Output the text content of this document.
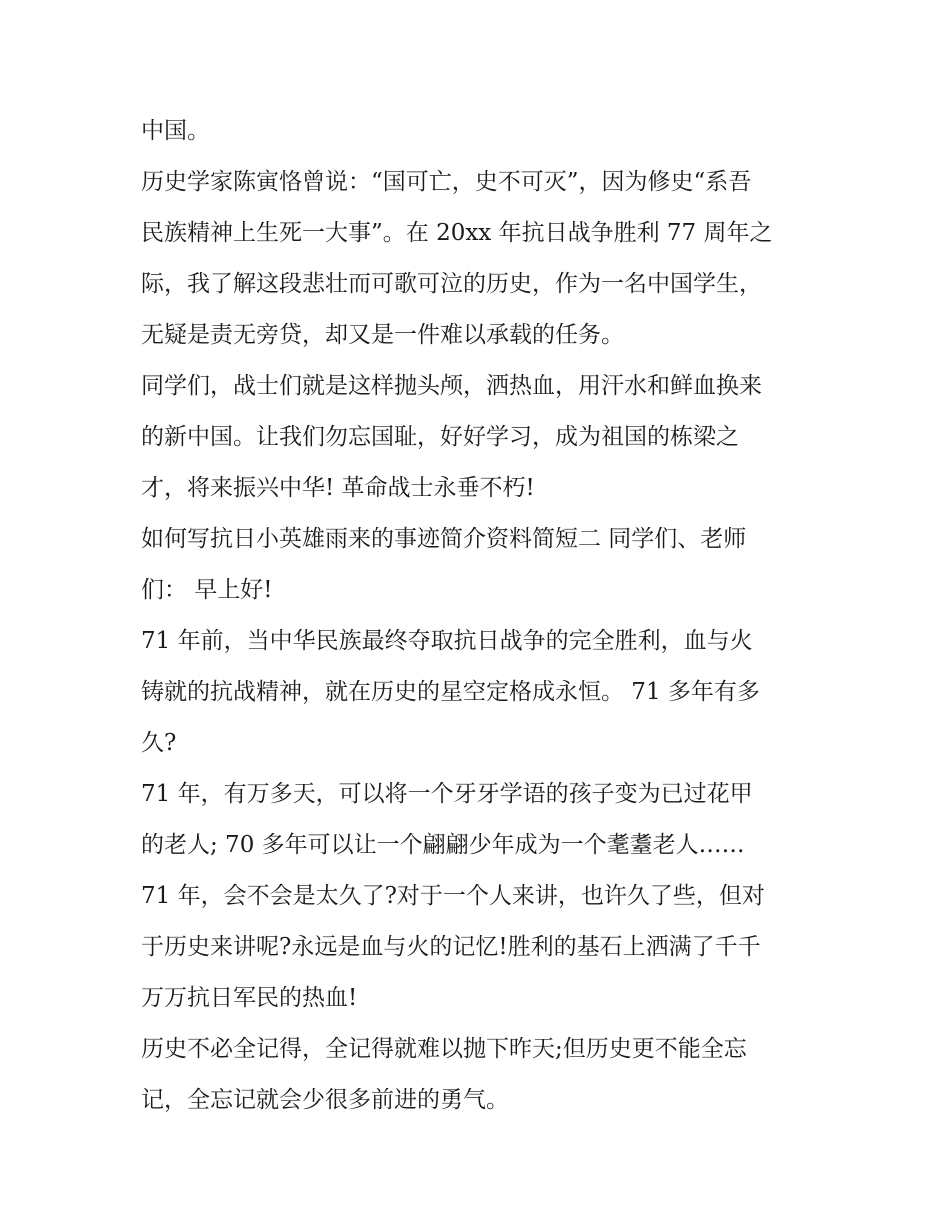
中国。
历史学家陈寅恪曾说：“国可亡，史不可灭”，因为修史“系吾
民族精神上生死一大事”。在 20xx 年抗日战争胜利 77 周年之
际，我了解这段悲壮而可歌可泣的历史，作为一名中国学生，
无疑是责无旁贷，却又是一件难以承载的任务。
同学们，战士们就是这样抛头颅，洒热血，用汗水和鲜血换来
的新中国。让我们勿忘国耻，好好学习，成为祖国的栋梁之
才，将来振兴中华! 革命战士永垂不朽!
如何写抗日小英雄雨来的事迹简介资料简短二 同学们、老师
们： 早上好!
71 年前，当中华民族最终夺取抗日战争的完全胜利，血与火
铸就的抗战精神，就在历史的星空定格成永恒。 71 多年有多
久?
71 年，有万多天，可以将一个牙牙学语的孩子变为已过花甲
的老人; 70 多年可以让一个翩翩少年成为一个耄耋老人……
71 年，会不会是太久了?对于一个人来讲，也许久了些，但对
于历史来讲呢?永远是血与火的记忆!胜利的基石上洒满了千千
万万抗日军民的热血!
历史不必全记得，全记得就难以抛下昨天;但历史更不能全忘
记，全忘记就会少很多前进的勇气。
